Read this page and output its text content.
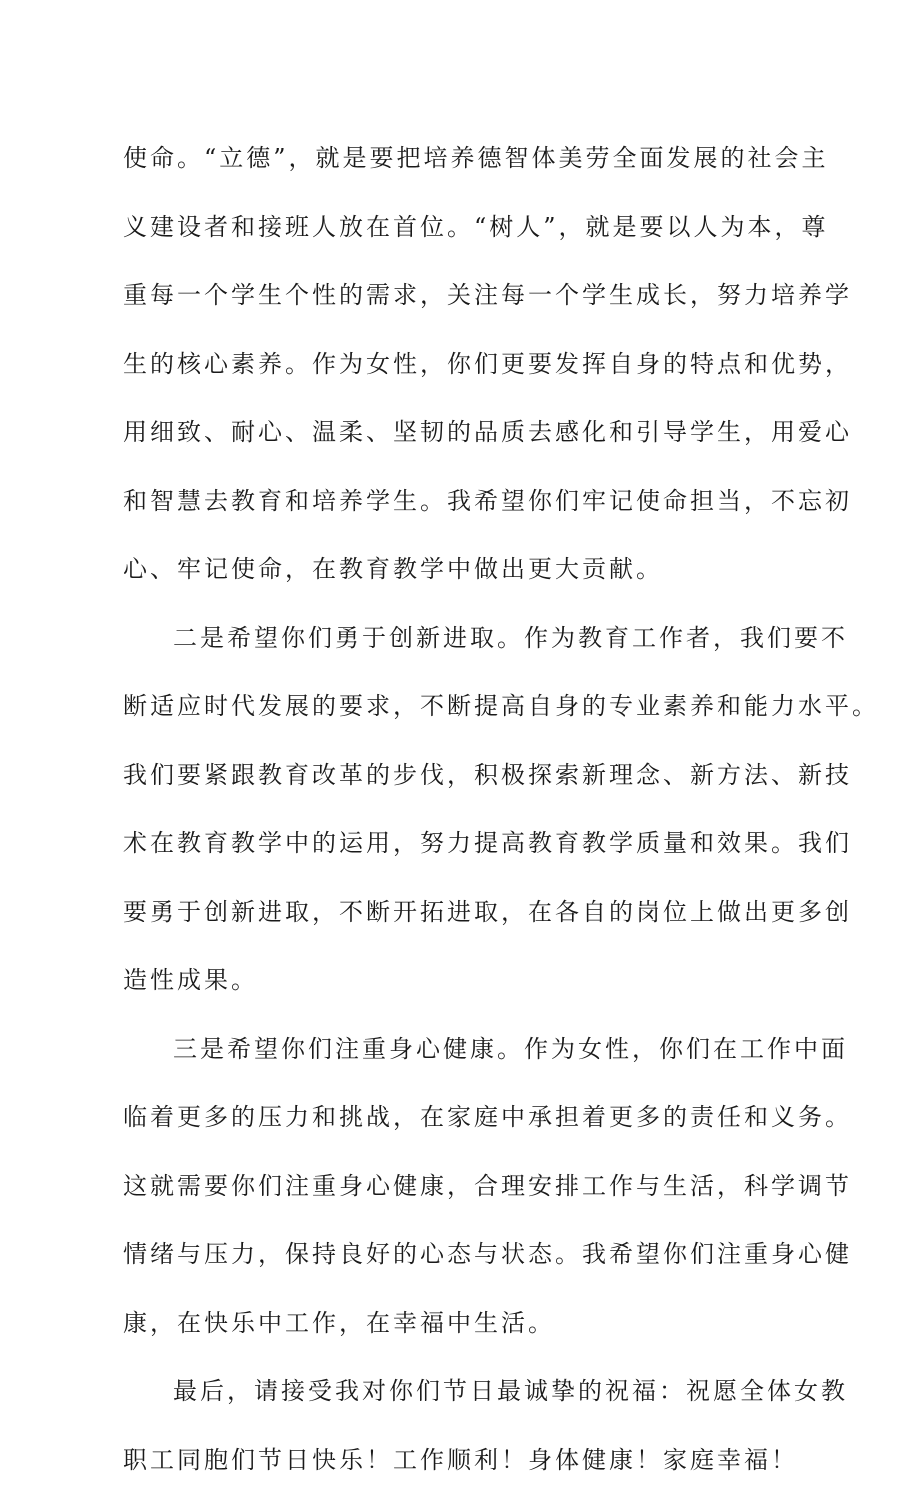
使命。“立德”，就是要把培养德智体美劳全面发展的社会主
义建设者和接班人放在首位。“树人”，就是要以人为本，尊
重每一个学生个性的需求，关注每一个学生成长，努力培养学
生的核心素养。作为女性，你们更要发挥自身的特点和优势，
用细致、耐心、温柔、坚韧的品质去感化和引导学生，用爱心
和智慧去教育和培养学生。我希望你们牢记使命担当，不忘初
心、牢记使命，在教育教学中做出更大贡献。
二是希望你们勇于创新进取。作为教育工作者，我们要不
断适应时代发展的要求，不断提高自身的专业素养和能力水平。
我们要紧跟教育改革的步伐，积极探索新理念、新方法、新技
术在教育教学中的运用，努力提高教育教学质量和效果。我们
要勇于创新进取，不断开拓进取，在各自的岗位上做出更多创
造性成果。
三是希望你们注重身心健康。作为女性，你们在工作中面
临着更多的压力和挑战，在家庭中承担着更多的责任和义务。
这就需要你们注重身心健康，合理安排工作与生活，科学调节
情绪与压力，保持良好的心态与状态。我希望你们注重身心健
康，在快乐中工作，在幸福中生活。
最后，请接受我对你们节日最诚挚的祝福：祝愿全体女教
职工同胞们节日快乐！工作顺利！身体健康！家庭幸福！
